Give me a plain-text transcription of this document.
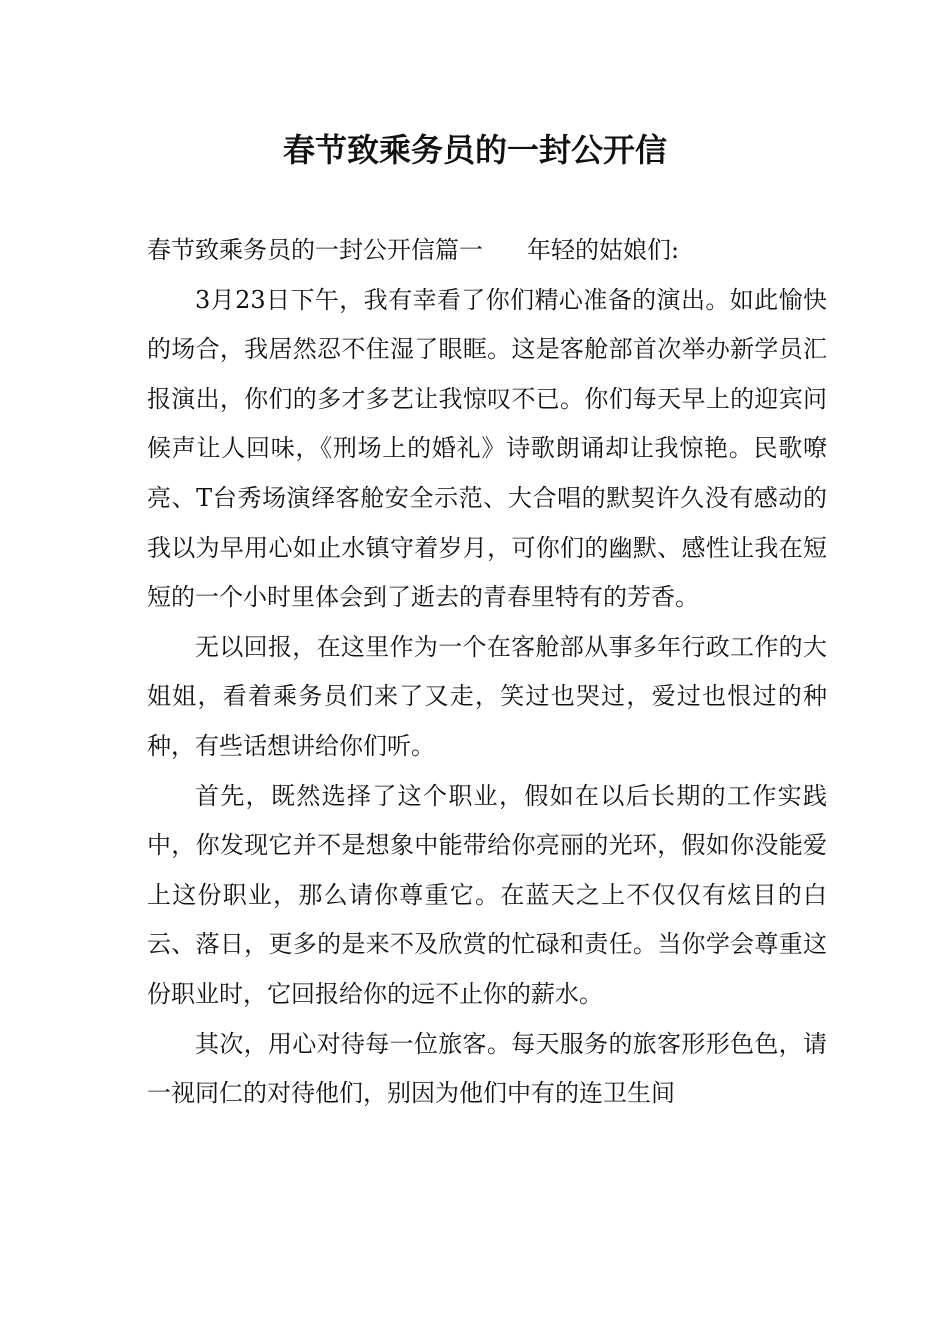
春节致乘务员的一封公开信

春节致乘务员的一封公开信篇一 年轻的姑娘们:

3月23日下午，我有幸看了你们精心准备的演出。如此愉快的场合，我居然忍不住湿了眼眶。这是客舱部首次举办新学员汇报演出，你们的多才多艺让我惊叹不已。你们每天早上的迎宾问候声让人回味，《刑场上的婚礼》诗歌朗诵却让我惊艳。民歌嘹亮、T台秀场演绎客舱安全示范、大合唱的默契许久没有感动的我以为早用心如止水镇守着岁月，可你们的幽默、感性让我在短短的一个小时里体会到了逝去的青春里特有的芳香。

无以回报，在这里作为一个在客舱部从事多年行政工作的大姐姐，看着乘务员们来了又走，笑过也哭过，爱过也恨过的种种，有些话想讲给你们听。

首先，既然选择了这个职业，假如在以后长期的工作实践中，你发现它并不是想象中能带给你亮丽的光环，假如你没能爱上这份职业，那么请你尊重它。在蓝天之上不仅仅有炫目的白云、落日，更多的是来不及欣赏的忙碌和责任。当你学会尊重这份职业时，它回报给你的远不止你的薪水。

其次，用心对待每一位旅客。每天服务的旅客形形色色，请一视同仁的对待他们，别因为他们中有的连卫生间
